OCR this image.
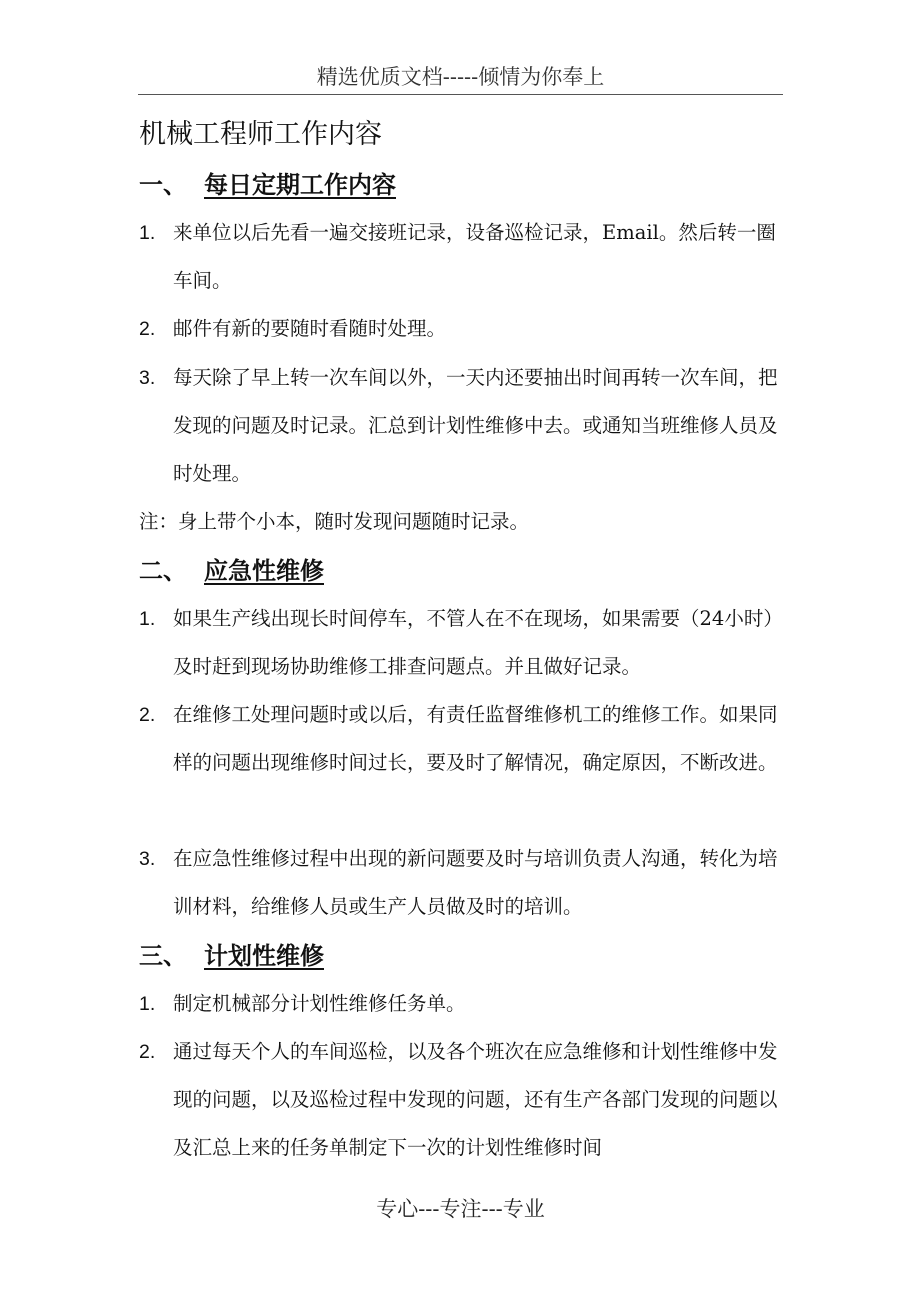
精选优质文档-----倾情为你奉上
机械工程师工作内容
一、 每日定期工作内容
1. 来单位以后先看一遍交接班记录，设备巡检记录，Email。然后转一圈车间。
2. 邮件有新的要随时看随时处理。
3. 每天除了早上转一次车间以外，一天内还要抽出时间再转一次车间，把发现的问题及时记录。汇总到计划性维修中去。或通知当班维修人员及时处理。
注：身上带个小本，随时发现问题随时记录。
二、 应急性维修
1. 如果生产线出现长时间停车，不管人在不在现场，如果需要（24小时）及时赶到现场协助维修工排查问题点。并且做好记录。
2. 在维修工处理问题时或以后，有责任监督维修机工的维修工作。如果同样的问题出现维修时间过长，要及时了解情况，确定原因，不断改进。
3. 在应急性维修过程中出现的新问题要及时与培训负责人沟通，转化为培训材料，给维修人员或生产人员做及时的培训。
三、 计划性维修
1. 制定机械部分计划性维修任务单。
2. 通过每天个人的车间巡检，以及各个班次在应急维修和计划性维修中发现的问题，以及巡检过程中发现的问题，还有生产各部门发现的问题以及汇总上来的任务单制定下一次的计划性维修时间
专心---专注---专业
